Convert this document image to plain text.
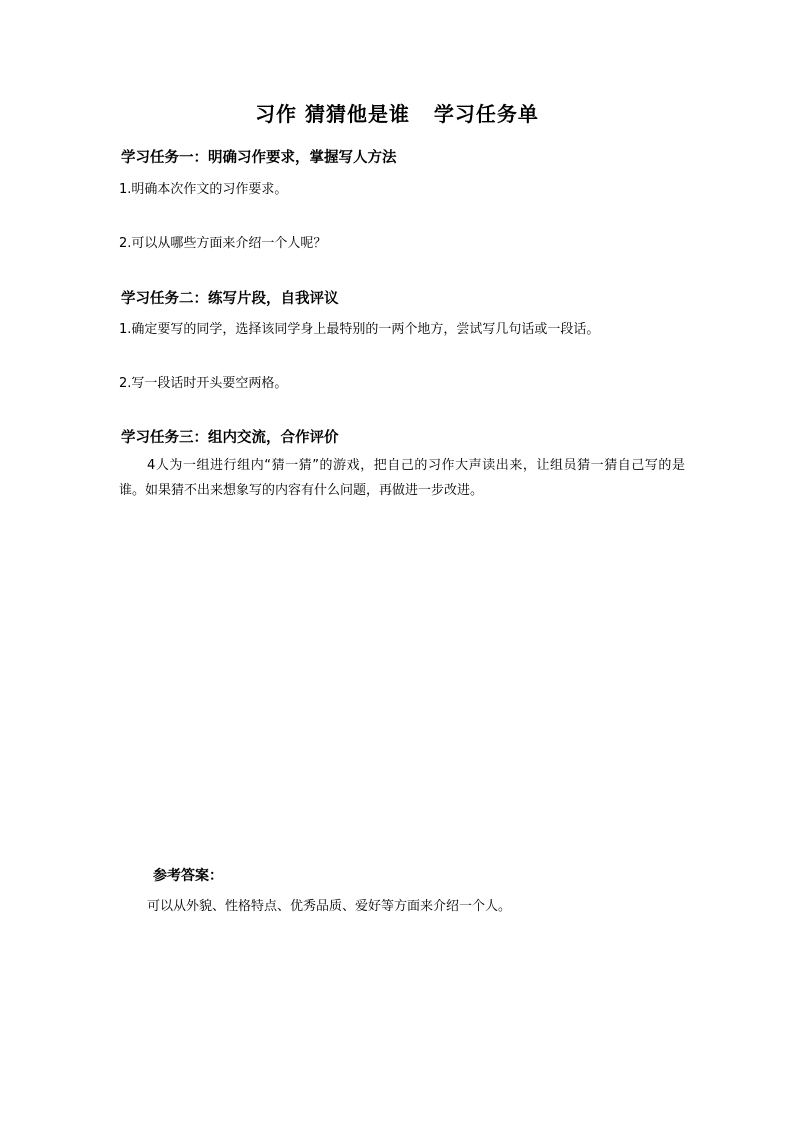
习作 猜猜他是谁   学习任务单
学习任务一：明确习作要求，掌握写人方法
1.明确本次作文的习作要求。
2.可以从哪些方面来介绍一个人呢？
学习任务二：练写片段，自我评议
1.确定要写的同学，选择该同学身上最特别的一两个地方，尝试写几句话或一段话。
2.写一段话时开头要空两格。
学习任务三：组内交流，合作评价
4人为一组进行组内“猜一猜”的游戏，把自己的习作大声读出来，让组员猜一猜自己写的是谁。如果猜不出来想象写的内容有什么问题，再做进一步改进。
参考答案：
可以从外貌、性格特点、优秀品质、爱好等方面来介绍一个人。
